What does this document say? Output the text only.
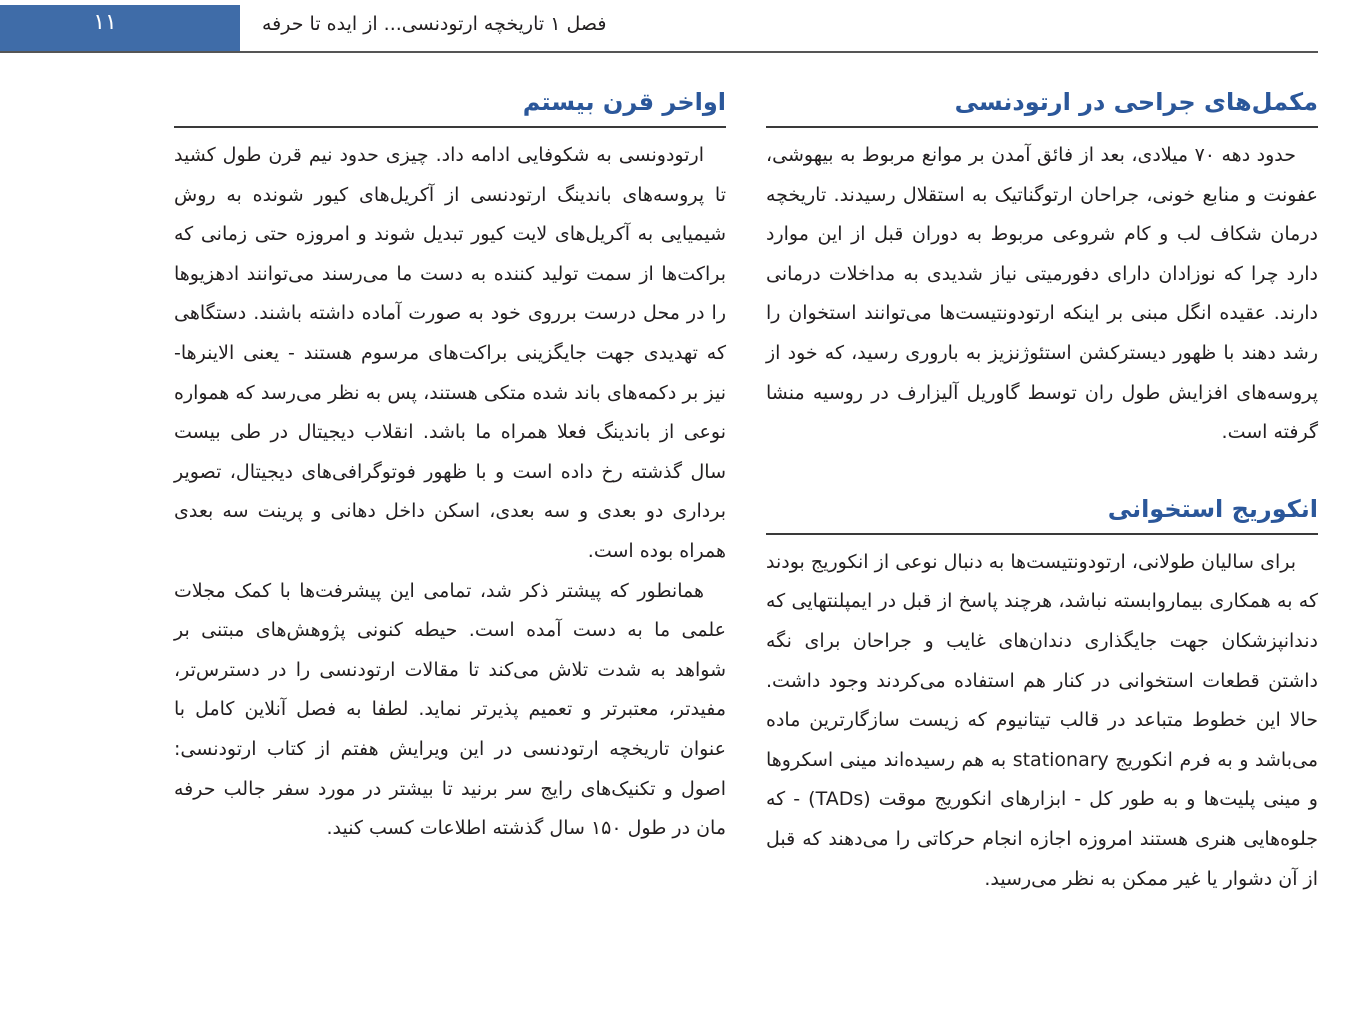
۱۱	فصل ۱ تاریخچه ارتودنسی... از ایده تا حرفه
مکمل‌های جراحی در ارتودنسی

حدود دهه ۷۰ میلادی، بعد از فائق آمدن بر موانع مربوط به بیهوشی، عفونت و منابع خونی، جراحان ارتوگناتیک به استقلال رسیدند. تاریخچه درمان شکاف لب و کام شروعی مربوط به دوران قبل از این موارد دارد چرا که نوزادان دارای دفورمیتی نیاز شدیدی به مداخلات درمانی دارند. عقیده انگل مبنی بر اینکه ارتودونتیست‌ها می‌توانند استخوان را رشد دهند با ظهور دیسترکشن استئوژنزیز به باروری رسید، که خود از پروسه‌های افزایش طول ران توسط گاوریل آلیزارف در روسیه منشا گرفته است.

انکوریج استخوانی

برای سالیان طولانی، ارتودونتیست‌ها به دنبال نوعی از انکوریج بودند که به همکاری بیماروابسته نباشد، هرچند پاسخ از قبل در ایمپلنتهایی که دندانپزشکان جهت جایگذاری دندان‌های غایب و جراحان برای نگه داشتن قطعات استخوانی در کنار هم استفاده می‌کردند وجود داشت. حالا این خطوط متباعد در قالب تیتانیوم که زیست سازگارترین ماده می‌باشد و به فرم انکوریج stationary به هم رسیده‌اند مینی اسکروها و مینی پلیت‌ها و به طور کل - ابزارهای انکوریج موقت (TADs) - که جلوه‌هایی هنری هستند امروزه اجازه انجام حرکاتی را می‌دهند که قبل از آن دشوار یا غیر ممکن به نظر می‌رسید.

اواخر قرن بیستم

ارتودونسی به شکوفایی ادامه داد. چیزی حدود نیم قرن طول کشید تا پروسه‌های باندینگ ارتودنسی از آکریل‌های کیور شونده به روش شیمیایی به آکریل‌های لایت کیور تبدیل شوند و امروزه حتی زمانی که براکت‌ها از سمت تولید کننده به دست ما می‌رسند می‌توانند ادهزیوها را در محل درست برروی خود به صورت آماده داشته باشند. دستگاهی که تهدیدی جهت جایگزینی براکت‌های مرسوم هستند - یعنی الاینرها- نیز بر دکمه‌های باند شده متکی هستند، پس به نظر می‌رسد که همواره نوعی از باندینگ فعلا همراه ما باشد. انقلاب دیجیتال در طی بیست سال گذشته رخ داده است و با ظهور فوتوگرافی‌های دیجیتال، تصویر برداری دو بعدی و سه بعدی، اسکن داخل دهانی و پرینت سه بعدی همراه بوده است.

همانطور که پیشتر ذکر شد، تمامی این پیشرفت‌ها با کمک مجلات علمی ما به دست آمده است. حیطه کنونی پژوهش‌های مبتنی بر شواهد به شدت تلاش می‌کند تا مقالات ارتودنسی را در دسترس‌تر، مفیدتر، معتبرتر و تعمیم پذیرتر نماید. لطفا به فصل آنلاین کامل با عنوان تاریخچه ارتودنسی در این ویرایش هفتم از کتاب ارتودنسی: اصول و تکنیک‌های رایج سر برنید تا بیشتر در مورد سفر جالب حرفه مان در طول ۱۵۰ سال گذشته اطلاعات کسب کنید.
